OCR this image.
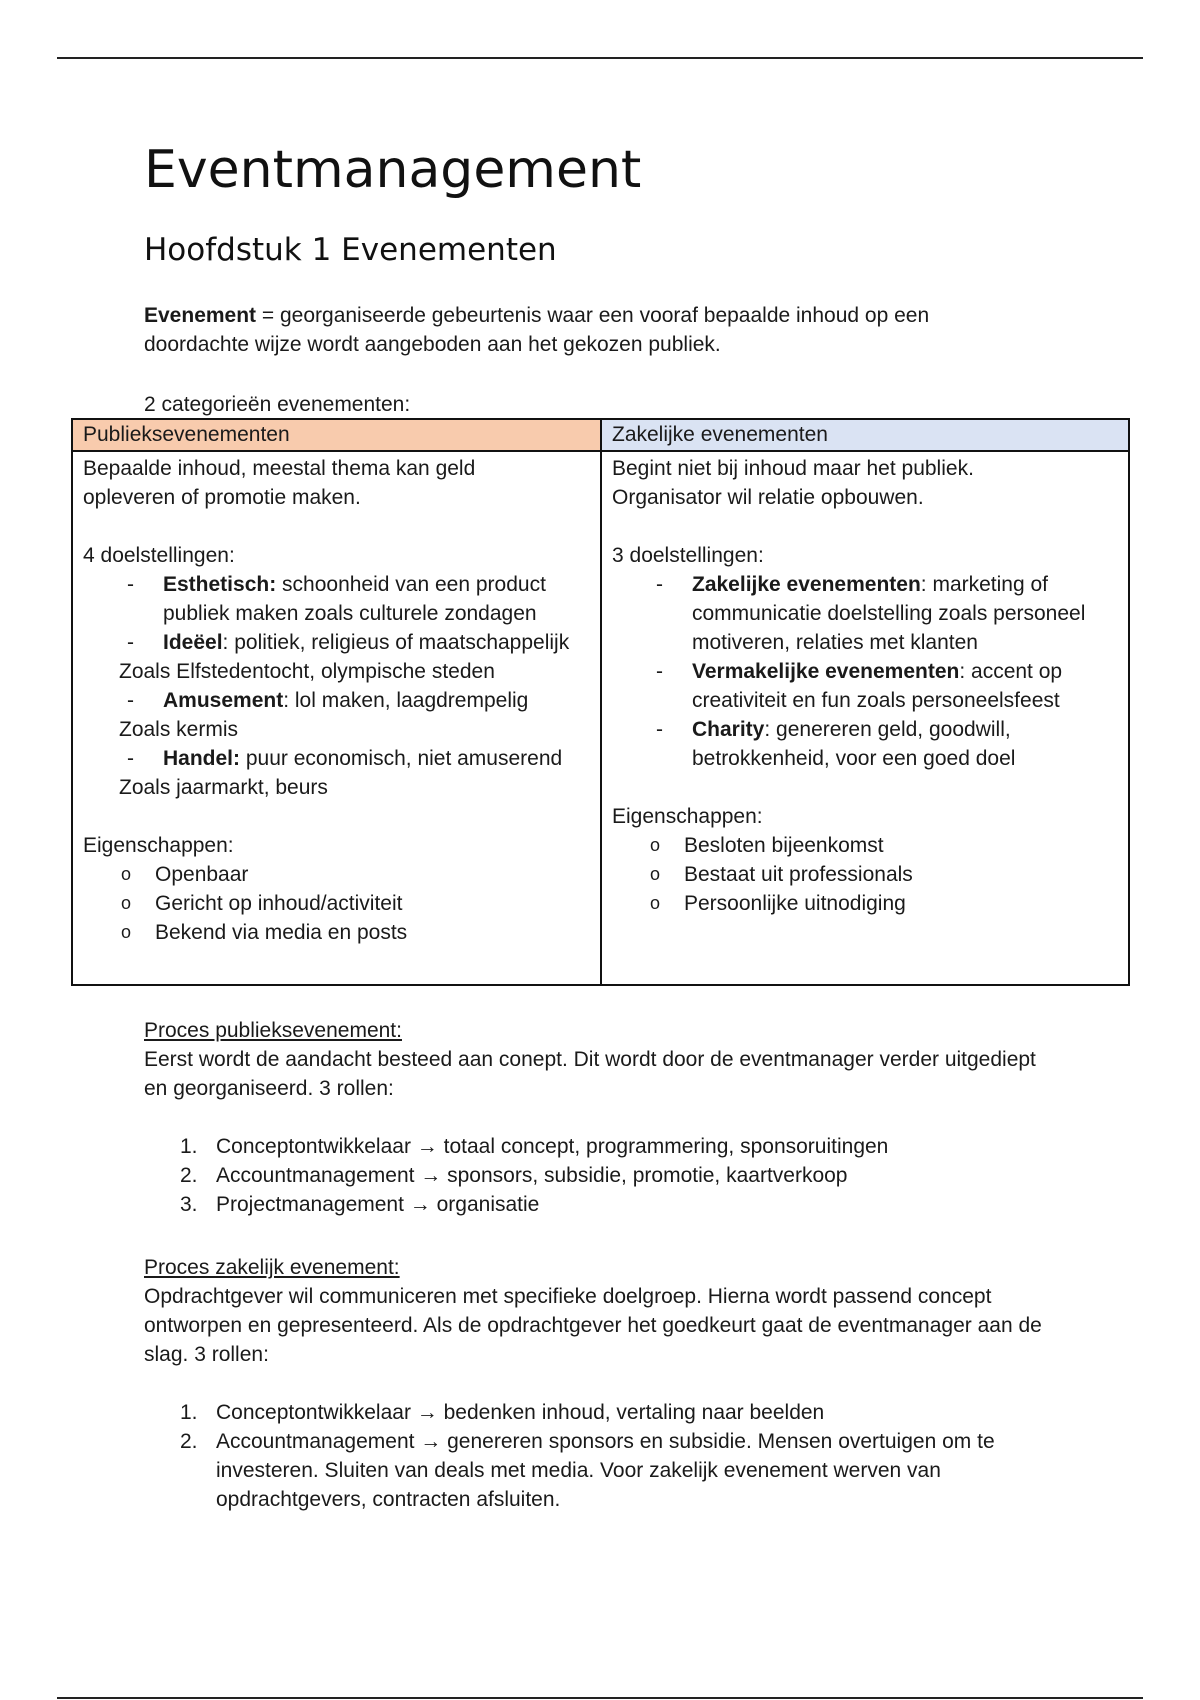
Eventmanagement
Hoofdstuk 1 Evenementen

Evenement = georganiseerde gebeurtenis waar een vooraf bepaalde inhoud op een doordachte wijze wordt aangeboden aan het gekozen publiek.

2 categorieën evenementen:

Publieksevenementen

Bepaalde inhoud, meestal thema kan geld

opleveren of promotie maken.

4 doelstellingen:

- Esthetisch: schoonheid van een product publiek maken zoals culturele zondagen

- Ideëel: politiek, religieus of maatschappelijk

Zoals Elfstedentocht, olympische steden

- Amusement: lol maken, laagdrempelig

Zoals kermis

- Handel: puur economisch, niet amuserend

Zoals jaarmarkt, beurs

Eigenschappen:

o Openbaar

o Gericht op inhoud/activiteit

o Bekend via media en posts

Zakelijke evenementen

Begint niet bij inhoud maar het publiek.

Organisator wil relatie opbouwen.

3 doelstellingen:

- Zakelijke evenementen: marketing of communicatie doelstelling zoals personeel motiveren, relaties met klanten

- Vermakelijke evenementen: accent op creativiteit en fun zoals personeelsfeest

- Charity: genereren geld, goodwill, betrokkenheid, voor een goed doel

Eigenschappen:

o Besloten bijeenkomst

o Bestaat uit professionals

o Persoonlijke uitnodiging

Proces publieksevenement:

Eerst wordt de aandacht besteed aan conept. Dit wordt door de eventmanager verder uitgediept en georganiseerd. 3 rollen:

1. Conceptontwikkelaar → totaal concept, programmering, sponsoruitingen
2. Accountmanagement → sponsors, subsidie, promotie, kaartverkoop
3. Projectmanagement → organisatie

Proces zakelijk evenement:

Opdrachtgever wil communiceren met specifieke doelgroep. Hierna wordt passend concept ontworpen en gepresenteerd. Als de opdrachtgever het goedkeurt gaat de eventmanager aan de slag. 3 rollen:

1. Conceptontwikkelaar → bedenken inhoud, vertaling naar beelden
2. Accountmanagement → genereren sponsors en subsidie. Mensen overtuigen om te investeren. Sluiten van deals met media. Voor zakelijk evenement werven van opdrachtgevers, contracten afsluiten.
